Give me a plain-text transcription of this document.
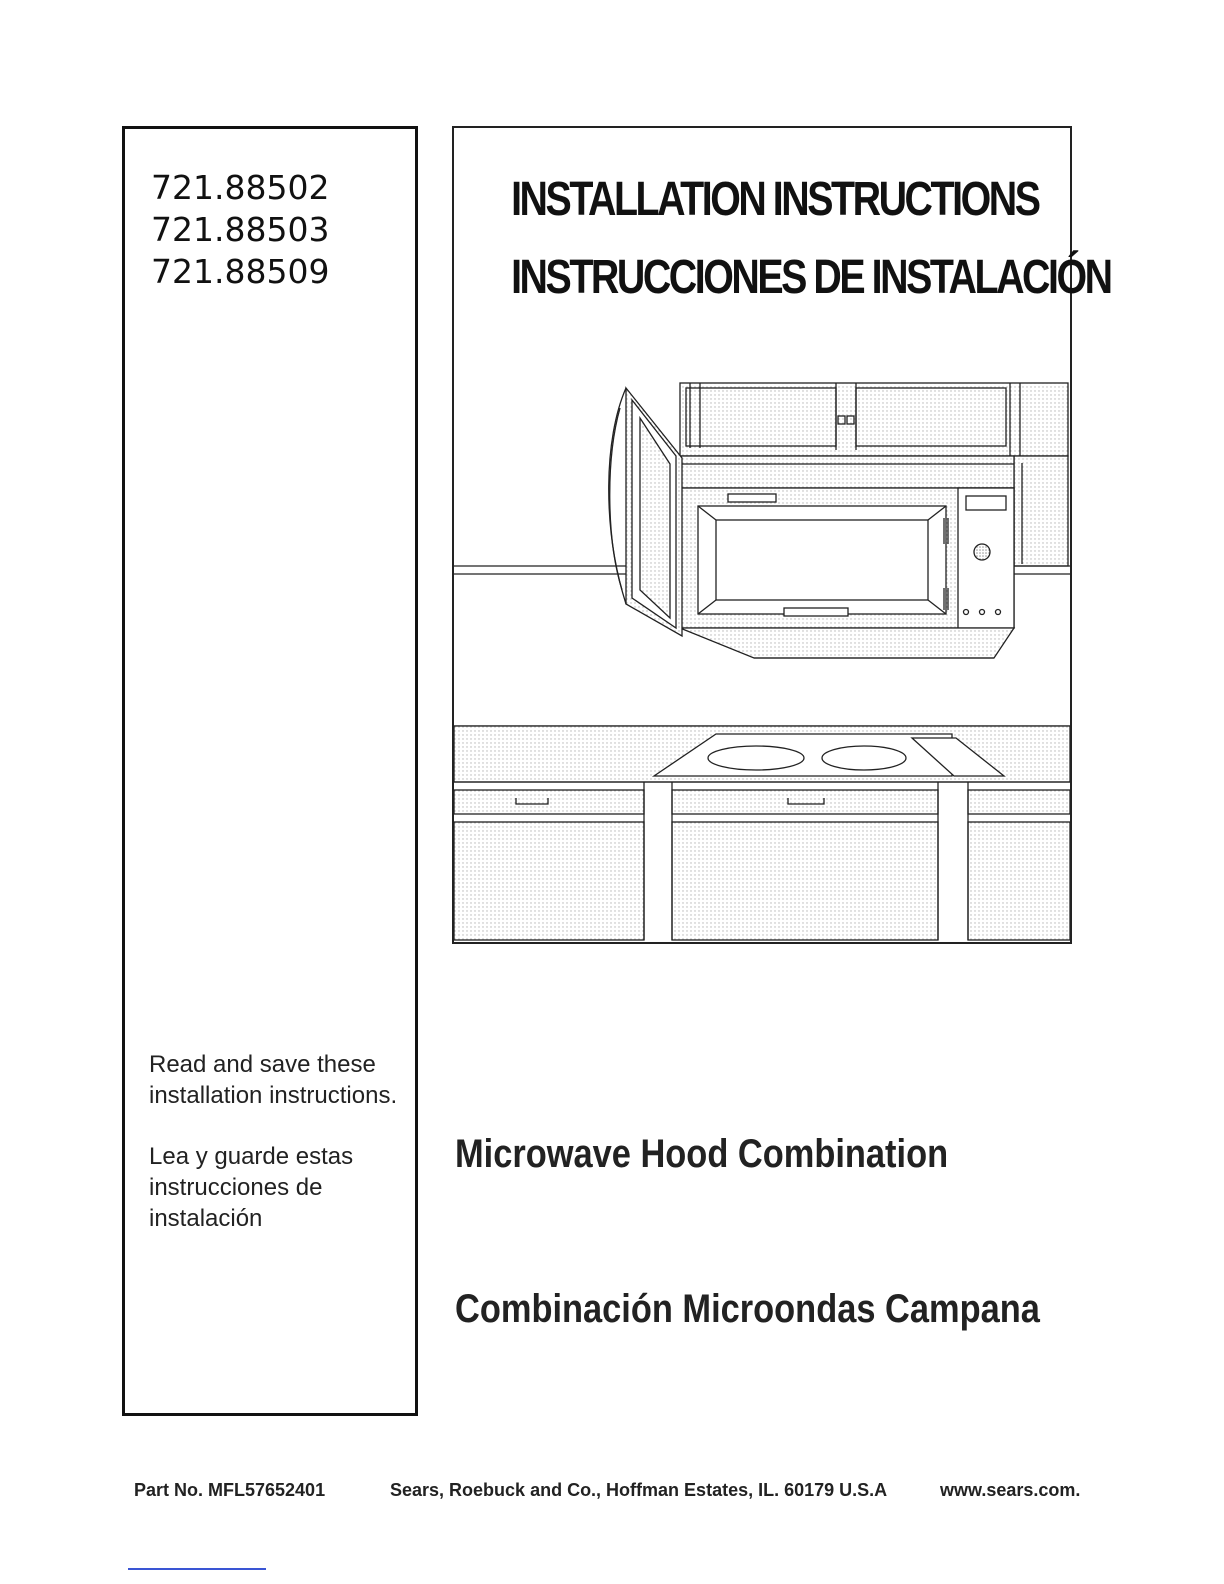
721.88502
721.88503
721.88509
Read and save these installation instructions.
Lea y guarde estas instrucciones de instalación
INSTALLATION INSTRUCTIONS
INSTRUCCIONES DE INSTALACIÓN
Microwave Hood Combination
Combinación Microondas Campana
Part No. MFL57652401	Sears, Roebuck and Co., Hoffman Estates, IL. 60179 U.S.A	www.sears.com.
